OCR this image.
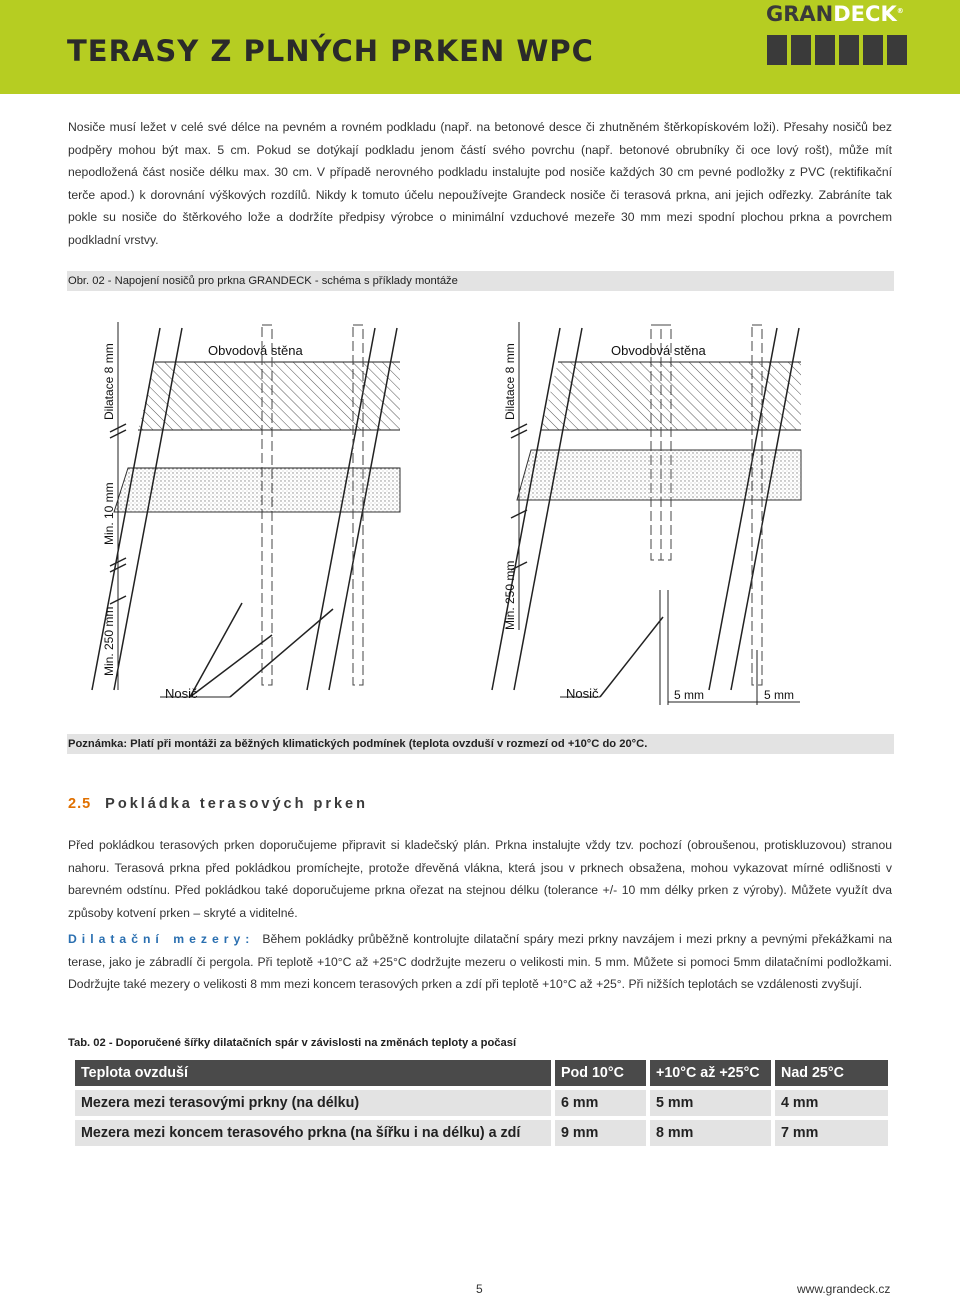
TERASY Z PLNÝCH PRKEN WPC
GRANDECK®
Nosiče musí ležet v celé své délce na pevném a rovném podkladu (např. na betonové desce či zhutněném štěrkopískovém loži). Přesahy nosičů bez podpěry mohou být max. 5 cm. Pokud se dotýkají podkladu jenom částí svého povrchu (např. betonové obrubníky či oce lový rošt), může mít nepodložená část nosiče délku max. 30 cm. V případě nerovného podkladu instalujte pod nosiče každých 30 cm pevné podložky z PVC (rektifikační terče apod.) k dorovnání výškových rozdílů. Nikdy k tomuto účelu nepoužívejte Grandeck nosiče či terasová prkna, ani jejich odřezky. Zabráníte tak pokle su nosiče do štěrkového lože a dodržíte předpisy výrobce o minimální vzduchové mezeře 30 mm mezi spodní plochou prkna a povrchem podkladní vrstvy.
Obr. 02 - Napojení nosičů pro prkna GRANDECK - schéma s příklady montáže
Obvodová stěna
Dilatace 8 mm
Min. 10 mm
Min. 250 mm
Nosič
Obvodová stěna
Dilatace 8 mm
Min. 250 mm
Nosič	5 mm	5 mm
Poznámka: Platí při montáži za běžných klimatických podmínek (teplota ovzduší v rozmezí od +10°C do 20°C.
2.5 Pokládka terasových prken
Před pokládkou terasových prken doporučujeme připravit si kladečský plán. Prkna instalujte vždy tzv. pochozí (obroušenou, protiskluzovou) stranou nahoru. Terasová prkna před pokládkou promíchejte, protože dřevěná vlákna, která jsou v prknech obsažena, mohou vykazovat mírné odlišnosti v barevném odstínu. Před pokládkou také doporučujeme prkna ořezat na stejnou délku (tolerance +/- 10 mm délky prken z výroby). Můžete využít dva způsoby kotvení prken – skryté a viditelné.
Dilatační mezery: Během pokládky průběžně kontrolujte dilatační spáry mezi prkny navzájem i mezi prkny a pevnými překážkami na terase, jako je zábradlí či pergola. Při teplotě +10°C až +25°C dodržujte mezeru o velikosti min. 5 mm. Můžete si pomoci 5mm dilatačními podložkami. Dodržujte také mezery o velikosti 8 mm mezi koncem terasových prken a zdí při teplotě +10°C až +25°. Při nižších teplotách se vzdálenosti zvyšují.
Tab. 02 - Doporučené šířky dilatačních spár v závislosti na změnách teploty a počasí
Teplota ovzduší	Pod 10°C	+10°C až +25°C	Nad 25°C
Mezera mezi terasovými prkny (na délku)	6 mm	5 mm	4 mm
Mezera mezi koncem terasového prkna (na šířku i na délku) a zdí	9 mm	8 mm	7 mm
5	www.grandeck.cz
